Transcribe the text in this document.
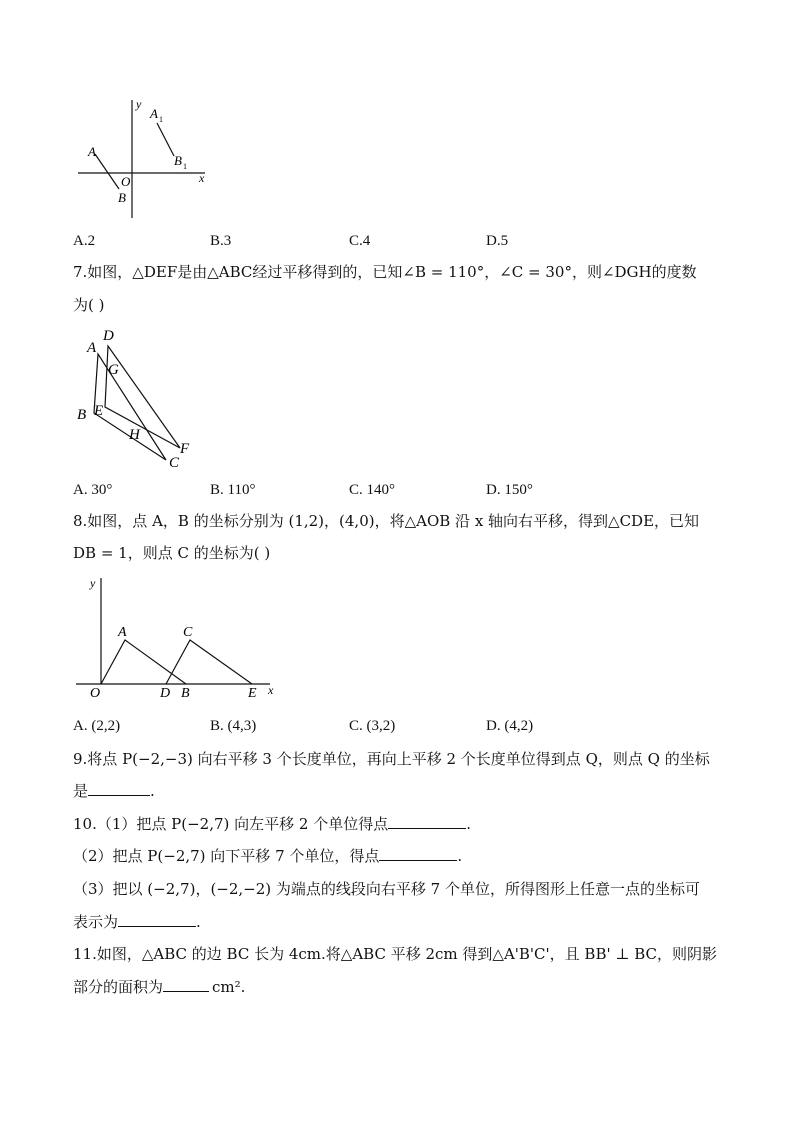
y
x
O
A 1
B 1
A
B
A.2	B.3	C.4	D.5
7.如图，△DEF是由△ABC经过平移得到的，已知∠B = 110°，∠C = 30°，则∠DGH的度数
为( )
A
D
G
B E
H
F
C
A. 30°	B. 110°	C. 140°	D. 150°
8.如图，点 A，B 的坐标分别为 (1,2)，(4,0)，将△AOB 沿 x 轴向右平移，得到△CDE，已知
DB = 1，则点 C 的坐标为( )
y
x
O
A	C
D B	E
A. (2,2)	B. (4,3)	C. (3,2)	D. (4,2)
9.将点 P(−2,−3) 向右平移 3 个长度单位，再向上平移 2 个长度单位得到点 Q，则点 Q 的坐标
是	.
10.（1）把点 P(−2,7) 向左平移 2 个单位得点	.
（2）把点 P(−2,7) 向下平移 7 个单位，得点	.
（3）把以 (−2,7)，(−2,−2) 为端点的线段向右平移 7 个单位，所得图形上任意一点的坐标可
表示为	.
11.如图，△ABC 的边 BC 长为 4cm.将△ABC 平移 2cm 得到△A'B'C'，且 BB' ⊥ BC，则阴影
部分的面积为	cm².
